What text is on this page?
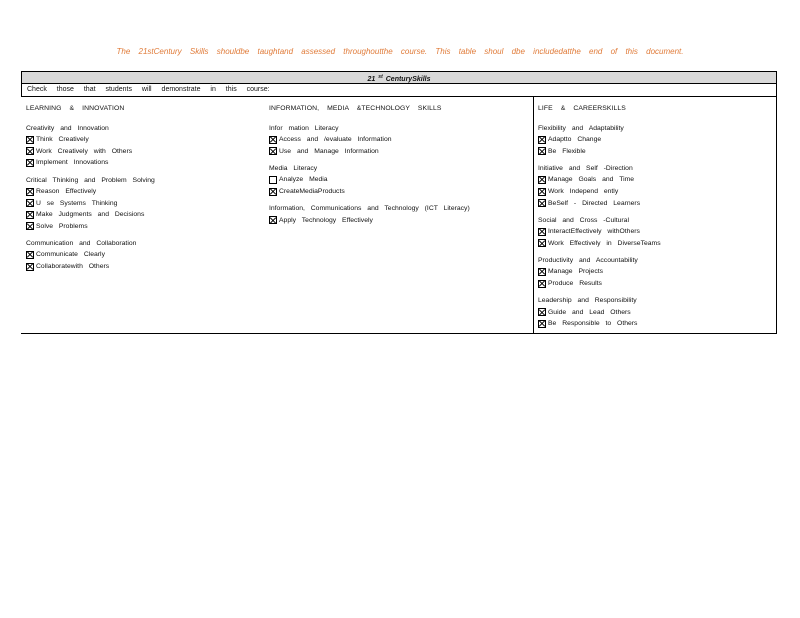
The 21stCentury Skills shouldbe taughtand assessed throughoutthe course. This table shoul dbe includedatthe end of this document.
21 $^{st}$ CenturySkills
Check those that students will demonstrate in this course:
LEARNING & INNOVATION
Creativity and Innovation
Think Creatively
Work Creatively with Others
Implement Innovations
Critical Thinking and Problem Solving
Reason Effectively
U se Systems Thinking
Make Judgments and Decisions
Solve Problems
Communication and Collaboration
Communicate Clearly
Collaboratewith Others
INFORMATION, MEDIA &TECHNOLOGY SKILLS
Infor mation Literacy
Access and /evaluate Information
Use and Manage Information
Media Literacy
Analyze Media
CreateMediaProducts
Information, Communications and Technology (ICT Literacy)
Apply Technology Effectively
LIFE & CAREERSKILLS
Flexibility and Adaptability
Adaptto Change
Be Flexible
Initiative and Self -Direction
Manage Goals and Time
Work Independ ently
BeSelf - Directed Learners
Social and Cross -Cultural
InteractEffectively withOthers
Work Effectively in DiverseTeams
Productivity and Accountability
Manage Projects
Produce Results
Leadership and Responsibility
Guide and Lead Others
Be Responsible to Others
